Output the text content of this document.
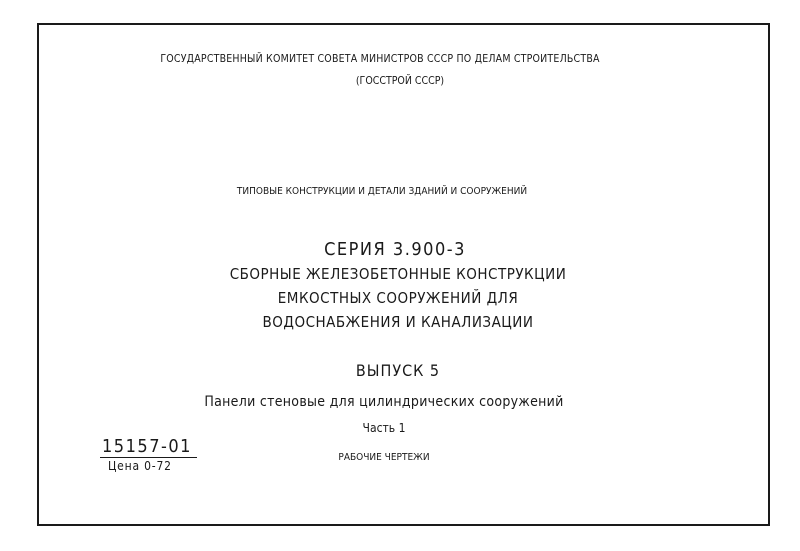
ГОСУДАРСТВЕННЫЙ КОМИТЕТ СОВЕТА МИНИСТРОВ СССР ПО ДЕЛАМ СТРОИТЕЛЬСТВА
(ГОССТРОЙ СССР)
ТИПОВЫЕ КОНСТРУКЦИИ И ДЕТАЛИ ЗДАНИЙ И СООРУЖЕНИЙ
СЕРИЯ 3.900-3
СБОРНЫЕ ЖЕЛЕЗОБЕТОННЫЕ КОНСТРУКЦИИ
ЕМКОСТНЫХ СООРУЖЕНИЙ ДЛЯ
ВОДОСНАБЖЕНИЯ И КАНАЛИЗАЦИИ
ВЫПУСК 5
Панели стеновые для цилиндрических сооружений
Часть 1
РАБОЧИЕ ЧЕРТЕЖИ
15157-01
Цена 0-72
